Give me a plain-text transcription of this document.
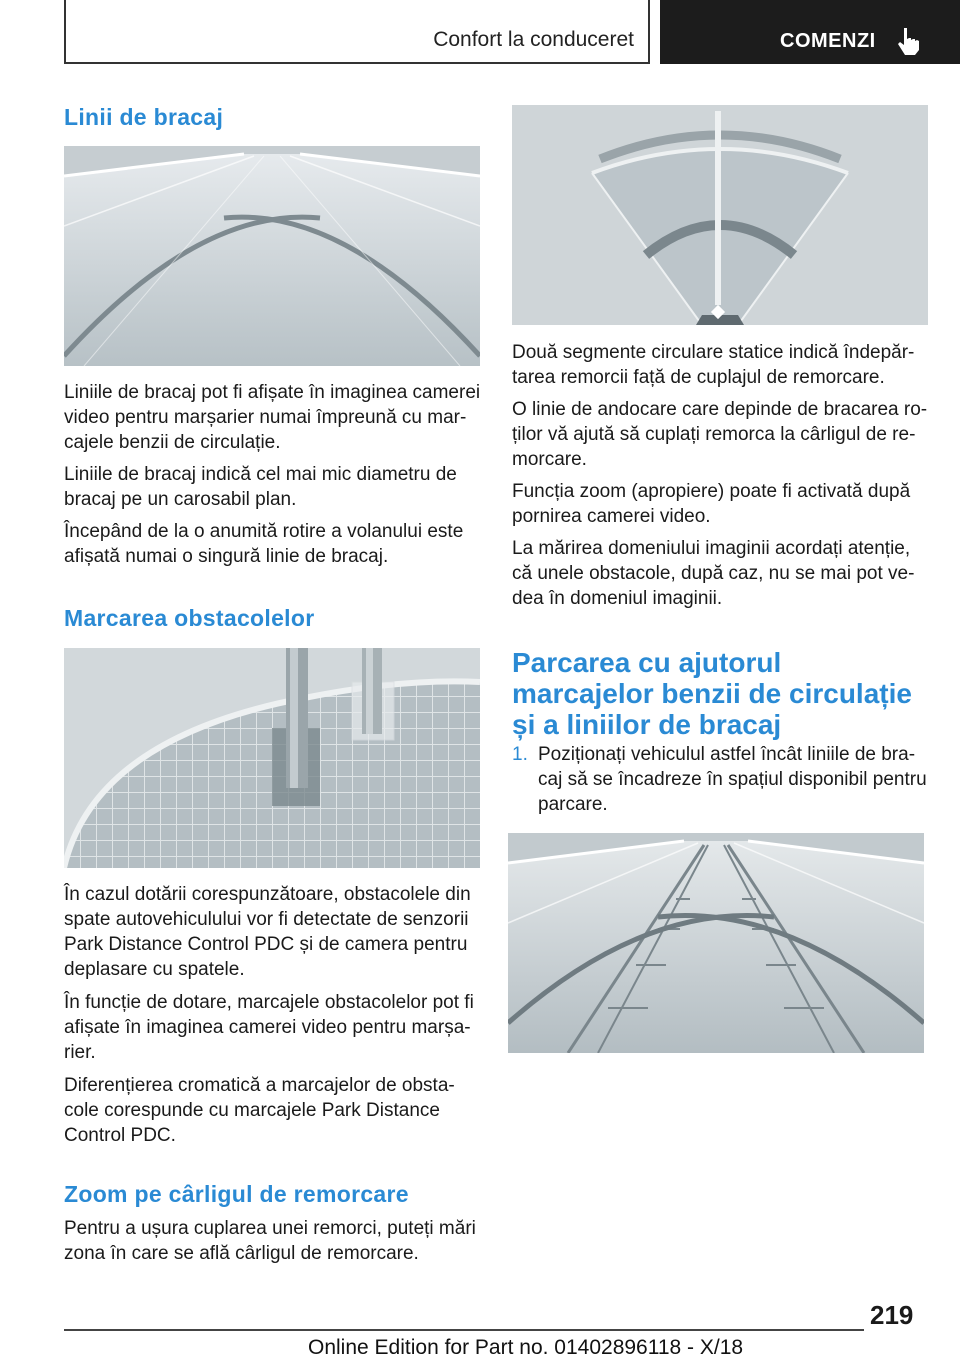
Confort la conduceret	COMENZI
Linii de bracaj

Liniile de bracaj pot fi afișate în imaginea camerei video pentru marșarier numai împreună cu mar-cajele benzii de circulație.

Liniile de bracaj indică cel mai mic diametru de bracaj pe un carosabil plan.

Începând de la o anumită rotire a volanului este afișată numai o singură linie de bracaj.

Marcarea obstacolelor

În cazul dotării corespunzătoare, obstacolele din spate autovehiculului vor fi detectate de senzorii Park Distance Control PDC și de camera pentru deplasare cu spatele.

În funcție de dotare, marcajele obstacolelor pot fi afișate în imaginea camerei video pentru marșa-rier.

Diferențierea cromatică a marcajelor de obsta-cole corespunde cu marcajele Park Distance Control PDC.

Zoom pe cârligul de remorcare

Pentru a ușura cuplarea unei remorci, puteți mări zona în care se află cârligul de remorcare.

Două segmente circulare statice indică îndepăr-tarea remorcii față de cuplajul de remorcare.

O linie de andocare care depinde de bracarea ro-ților vă ajută să cuplați remorca la cârligul de re-morcare.

Funcția zoom (apropiere) poate fi activată după pornirea camerei video.

La mărirea domeniului imaginii acordați atenție, că unele obstacole, după caz, nu se mai pot ve-dea în domeniul imaginii.

Parcarea cu ajutorul marcajelor benzii de circulație și a liniilor de bracaj
1. Poziționați vehiculul astfel încât liniile de bra-caj să se încadreze în spațiul disponibil pentru parcare.

219
Online Edition for Part no. 01402896118 - X/18
